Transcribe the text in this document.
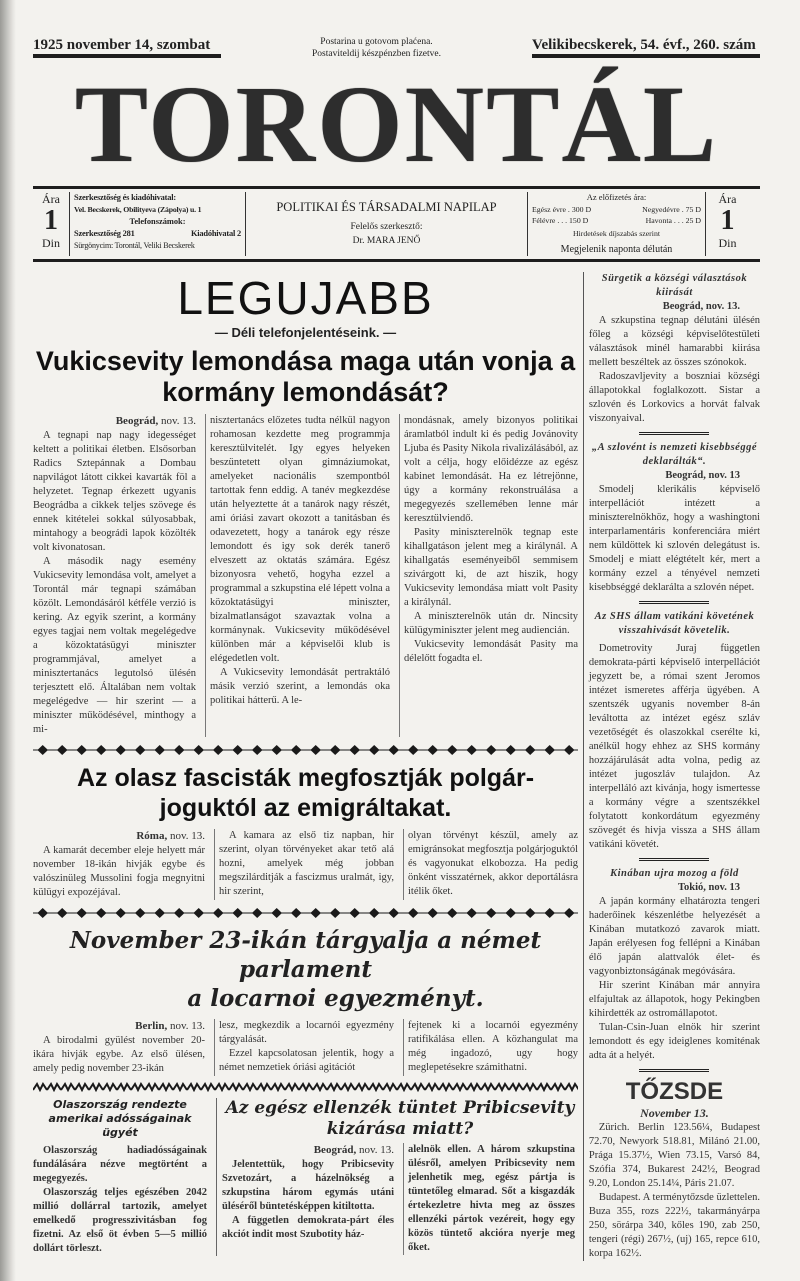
1925 november 14, szombat	Postarina u gotovom plaćena.
Postaviteldij készpénzben fizetve.
Velikibecskerek, 54. évf., 260. szám
TORONTÁL
Ára
1
Din
Szerkesztőség és kiadóhivatal:
Vel. Becskerek, Obilityeva (Zápolya) u. 1
Telefonszámok:
Szerkesztőség 281	Kiadóhivatal 2
Sürgönycim: Torontál, Veliki Becskerek
POLITIKAI ÉS TÁRSADALMI NAPILAP
Felelős szerkesztő:
Dr. MARA JENŐ
Az előfizetés ára:
Egész évre . 300 D	Negyedévre . 75 D
Félévre . . . 150 D	Havonta . . . 25 D
Hirdetések díjszabás szerint
Megjelenik naponta délután
Ára
1
Din
LEGUJABB
— Déli telefonjelentéseink. —
Vukicsevity lemondása maga után vonja a kormány lemondását?
Beográd, nov. 13.

A tegnapi nap nagy idegességet keltett a politikai életben. Elsősorban Radics Sztepánnak a Dombau napvilágot látott cikkei kavarták föl a helyzetet. Tegnap érkezett ugyanis Beográdba a cikkek teljes szövege és ennek kitételei sokkal súlyosabbak, mintahogy a beográdi lapok közölték volt kivonatosan.

A második nagy esemény Vukicsevity lemondása volt, amelyet a Torontál már tegnapi számában közölt. Lemondásáról kétféle verzió is kering. Az egyik szerint, a kormány egyes tagjai nem voltak megelégedve a közoktatásügyi miniszter programmjával, amelyet a minisztertanács legutolsó ülésén terjesztett elő. Általában nem voltak megelégedve — hir szerint — a miniszter működésével, minthogy a mi-

nisztertanács előzetes tudta nélkül nagyon rohamosan kezdette meg programmja keresztülvitelét. Igy egyes helyeken beszüntetett olyan gimnáziumokat, amelyeket nacionális szempontból tartottak fenn eddig. A tanév megkezdése után helyeztette át a tanárok nagy részét, ami óriási zavart okozott a tanitásban és odavezetett, hogy a tanárok egy része lemondott és igy sok derék tanerő elveszett az oktatás számára. Egész bizonyosra vehető, hogyha ezzel a programmal a szkupstina elé lépett volna a közoktatásügyi miniszter, bizalmatlanságot szavaztak volna a kormánynak. Vukicsevity működésével különben már a képviselői klub is elégedetlen volt.

A Vukicsevity lemondását pertraktáló másik verzió szerint, a lemondás oka politikai hátterű. A le-

mondásnak, amely bizonyos politikai áramlatból indult ki és pedig Jovánovity Ljuba és Pasity Nikola rivalizálásából, az volt a célja, hogy előidézze az egész kabinet lemondását. Ha ez létrejönne, úgy a kormány rekonstruálása a megegyezés szellemében lenne már keresztülviendő.

Pasity miniszterelnök tegnap este kihallgatáson jelent meg a királynál. A kihallgatás eseményeiből semmisem szivárgott ki, de azt hiszik, hogy Vukicsevity lemondása miatt volt Pasity a királynál.

A miniszterelnök után dr. Nincsity külügyminiszter jelent meg audiencián.

Vukicsevity lemondását Pasity ma délelőtt fogadta el.

Az olasz fascisták megfosztják polgár-
joguktól az emigráltakat.
Róma, nov. 13.

A kamarát december eleje helyett már november 18-ikán hivják egybe és valószinüleg Mussolini fogja megnyitni külügyi expozéjával.

A kamara az első tiz napban, hir szerint, olyan törvényeket akar tető alá hozni, amelyek még jobban megszilárditják a fascizmus uralmát, igy, hir szerint,

olyan törvényt készül, amely az emigránsokat megfosztja polgárjoguktól és vagyonukat elkobozza. Ha pedig önként visszatérnek, akkor deportálásra itélik őket.

November 23-ikán tárgyalja a német parlament
a locarnoi egyezményt.
Berlin, nov. 13.

A birodalmi gyülést november 20-ikára hivják egybe. Az első ülésen, amely pedig november 23-ikán

lesz, megkezdik a locarnói egyezmény tárgyalását.

Ezzel kapcsolatosan jelentik, hogy a német nemzetiek óriási agitációt

fejtenek ki a locarnói egyezmény ratifikálása ellen. A közhangulat ma még ingadozó, ugy hogy meglepetésekre számithatni.

Olaszország rendezte amerikai adósságainak ügyét

Olaszország hadiadósságainak fundálására nézve megtörtént a megegyezés.

Olaszország teljes egészében 2042 millió dollárral tartozik, amelyet emelkedő progresszivitásban fog fizetni. Az első öt évben 5—5 millió dollárt törleszt.

Az egész ellenzék tüntet Pribicsevity kizárása miatt?
Beográd, nov. 13.

Jelentettük, hogy Pribicsevity Szvetozárt, a házelnökség a szkupstina három egymás utáni üléséről büntetésképpen kitiltotta.

A független demokrata-párt éles akciót indit most Szubotity ház-

alelnök ellen. A három szkupstina ülésről, amelyen Pribicsevity nem jelenhetik meg, egész pártja is tüntetőleg elmarad. Sőt a kisgazdák értekezletre hivta meg az összes ellenzéki pártok vezéreit, hogy egy közös tüntető akcióra nyerje meg őket.

Sürgetik a községi választások kiirását

Beográd, nov. 13.

A szkupstina tegnap délutáni ülésén főleg a községi képviselőtestületi választások minél hamarabbi kiirása mellett beszéltek az összes szónokok.

Radoszavljevity a boszniai községi állapotokkal foglalkozott. Sistar a szlovén és Lorkovics a horvát falvak viszonyaival.

„A szlovént is nemzeti kisebbséggé deklarálták“.

Beográd, nov. 13

Smodelj klerikális képviselő interpellációt intézett a miniszterelnökhöz, hogy a washingtoni interparlamentáris konferenciára miért nem küldöttek ki szlovén delegátust is. Smodelj e miatt elégtételt kér, mert a kormány ezzel a tényével nemzeti kisebbséggé deklarálta a szlovén népet.

Az SHS állam vatikáni követének visszahivását követelik.

Dometrovity Juraj független demokrata-párti képviselő interpellációt jegyzett be, a római szent Jeromos intézet ismeretes afférja ügyében. A szentszék ugyanis november 8-án leváltotta az intézet egész szláv vezetőségét és olaszokkal cserélte ki, anélkül hogy ehhez az SHS kormány hozzájárulását adta volna, pedig az intézet jugoszláv tulajdon. Az interpelláló azt kivánja, hogy ismertesse a kormány végre a szentszékkel folytatott konkordátum egyezmény szövegét és hivja vissza a SHS állam vatikáni követét.

Kinában ujra mozog a föld

Tokió, nov. 13

A japán kormány elhatározta tengeri haderőinek készenlétbe helyezését a Kinában mutatkozó zavarok miatt. Japán erélyesen fog fellépni a Kinában élő japán alattvalók élet- és vagyonbiztonságának megóvására.

Hir szerint Kinában már annyira elfajultak az állapotok, hogy Pekingben kihirdették az ostromállapotot.

Tulan-Csin-Juan elnök hir szerint lemondott és egy ideiglenes komiténak adta át a helyét.

TŐZSDE

November 13.

Zürich. Berlin 123.56¼, Budapest 72.70, Newyork 518.81, Milánó 21.00, Prága 15.37½, Wien 73.15, Varsó 84, Szófia 374, Bukarest 242½, Beograd 9.20, London 25.14¼, Páris 21.07.

Budapest. A terménytőzsde üzlettelen. Buza 355, rozs 222½, takarmányárpa 250, sörárpa 340, kőles 190, zab 250, tengeri (régi) 267½, (uj) 165, repce 610, korpa 162½.
